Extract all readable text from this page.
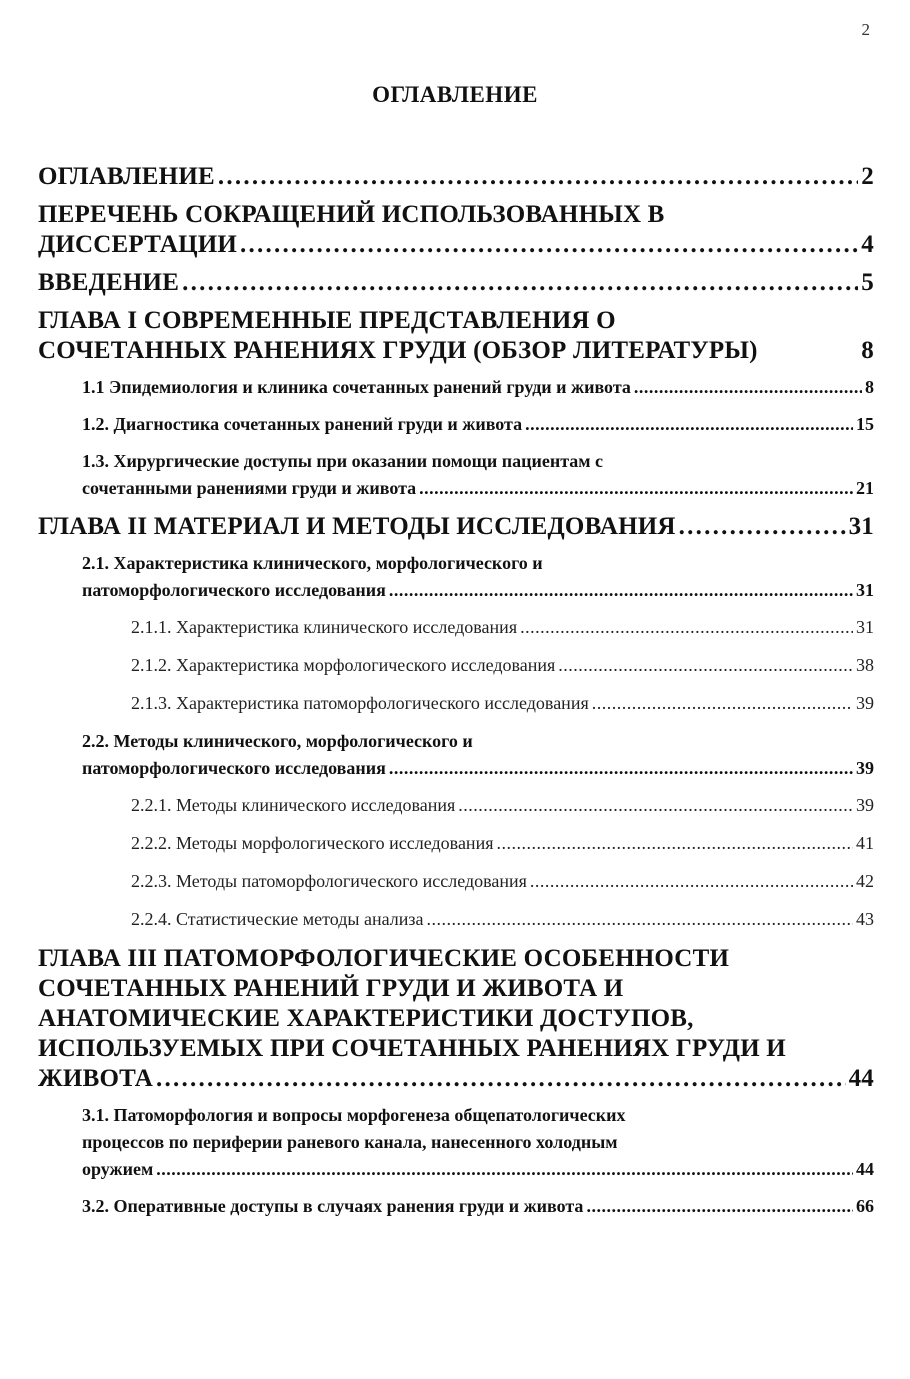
2
ОГЛАВЛЕНИЕ
ОГЛАВЛЕНИЕ . . .	2
ПЕРЕЧЕНЬ СОКРАЩЕНИЙ ИСПОЛЬЗОВАННЫХ В
ДИССЕРТАЦИИ . . .	4
ВВЕДЕНИЕ . . .	5
ГЛАВА I СОВРЕМЕННЫЕ ПРЕДСТАВЛЕНИЯ О
СОЧЕТАННЫХ РАНЕНИЯХ ГРУДИ (ОБЗОР ЛИТЕРАТУРЫ)	8
1.1 Эпидемиология и клиника сочетанных ранений груди и живота . . .	8
1.2. Диагностика сочетанных ранений груди и живота . . .	15
1.3. Хирургические доступы при оказании помощи пациентам с
сочетанными ранениями груди и живота . . .	21
ГЛАВА II МАТЕРИАЛ И МЕТОДЫ ИССЛЕДОВАНИЯ . . .	31
2.1. Характеристика клинического, морфологического и
патоморфологического исследования . . .	31
2.1.1. Характеристика клинического исследования . . .	31
2.1.2. Характеристика морфологического исследования . . .	38
2.1.3. Характеристика патоморфологического исследования . . .	39
2.2. Методы клинического, морфологического и
патоморфологического исследования . . .	39
2.2.1. Методы клинического исследования . . .	39
2.2.2. Методы морфологического исследования . . .	41
2.2.3. Методы патоморфологического исследования . . .	42
2.2.4. Статистические методы анализа . . .	43
ГЛАВА III ПАТОМОРФОЛОГИЧЕСКИЕ ОСОБЕННОСТИ
СОЧЕТАННЫХ РАНЕНИЙ ГРУДИ И ЖИВОТА И
АНАТОМИЧЕСКИЕ ХАРАКТЕРИСТИКИ ДОСТУПОВ,
ИСПОЛЬЗУЕМЫХ ПРИ СОЧЕТАННЫХ РАНЕНИЯХ ГРУДИ И
ЖИВОТА . . .	44
3.1. Патоморфология и вопросы морфогенеза общепатологических
процессов по периферии раневого канала, нанесенного холодным
оружием . . .	44
3.2. Оперативные доступы в случаях ранения груди и живота . . .	66
